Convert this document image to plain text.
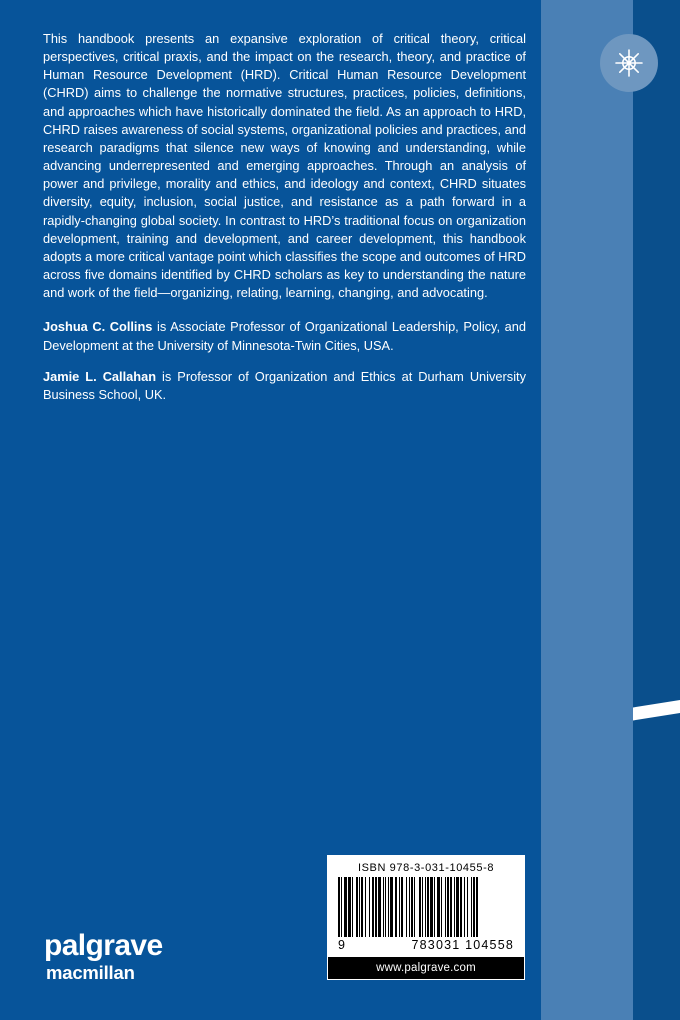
This handbook presents an expansive exploration of critical theory, critical perspectives, critical praxis, and the impact on the research, theory, and practice of Human Resource Development (HRD). Critical Human Resource Development (CHRD) aims to challenge the normative structures, practices, policies, definitions, and approaches which have historically dominated the field. As an approach to HRD, CHRD raises awareness of social systems, organizational policies and practices, and research paradigms that silence new ways of knowing and understanding, while advancing underrepresented and emerging approaches. Through an analysis of power and privilege, morality and ethics, and ideology and context, CHRD situates diversity, equity, inclusion, social justice, and resistance as a path forward in a rapidly-changing global society. In contrast to HRD’s traditional focus on organization development, training and development, and career development, this handbook adopts a more critical vantage point which classifies the scope and outcomes of HRD across five domains identified by CHRD scholars as key to understanding the nature and work of the field—organizing, relating, learning, changing, and advocating.

Joshua C. Collins is Associate Professor of Organizational Leadership, Policy, and Development at the University of Minnesota-Twin Cities, USA.

Jamie L. Callahan is Professor of Organization and Ethics at Durham University Business School, UK.

palgrave
macmillan
ISBN 978-3-031-10455-8
9	783031 104558
www.palgrave.com
